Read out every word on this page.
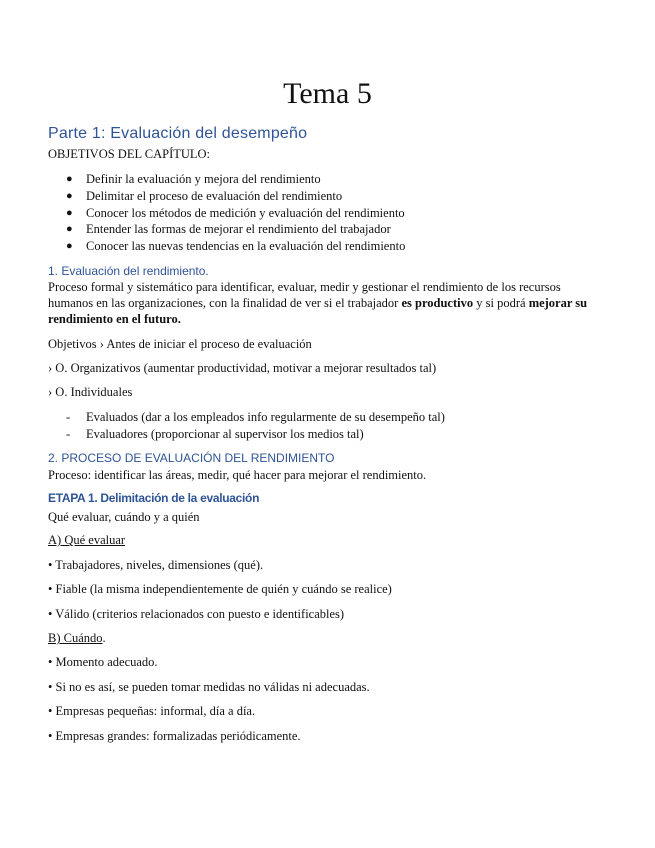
Tema 5
Parte 1: Evaluación del desempeño
OBJETIVOS DEL CAPÍTULO:
● Definir la evaluación y mejora del rendimiento
● Delimitar el proceso de evaluación del rendimiento
● Conocer los métodos de medición y evaluación del rendimiento
● Entender las formas de mejorar el rendimiento del trabajador
● Conocer las nuevas tendencias en la evaluación del rendimiento
1. Evaluación del rendimiento.
Proceso formal y sistemático para identificar, evaluar, medir y gestionar el rendimiento de los recursos humanos en las organizaciones, con la finalidad de ver si el trabajador es productivo y si podrá mejorar su rendimiento en el futuro.
Objetivos › Antes de iniciar el proceso de evaluación
› O. Organizativos (aumentar productividad, motivar a mejorar resultados tal)
› O. Individuales
- Evaluados (dar a los empleados info regularmente de su desempeño tal)
- Evaluadores (proporcionar al supervisor los medios tal)
2. PROCESO DE EVALUACIÓN DEL RENDIMIENTO
Proceso: identificar las áreas, medir, qué hacer para mejorar el rendimiento.
ETAPA 1. Delimitación de la evaluación
Qué evaluar, cuándo y a quién
A) Qué evaluar
• Trabajadores, niveles, dimensiones (qué).
• Fiable (la misma independientemente de quién y cuándo se realice)
• Válido (criterios relacionados con puesto e identificables)
B) Cuándo.
• Momento adecuado.
• Si no es así, se pueden tomar medidas no válidas ni adecuadas.
• Empresas pequeñas: informal, día a día.
• Empresas grandes: formalizadas periódicamente.
